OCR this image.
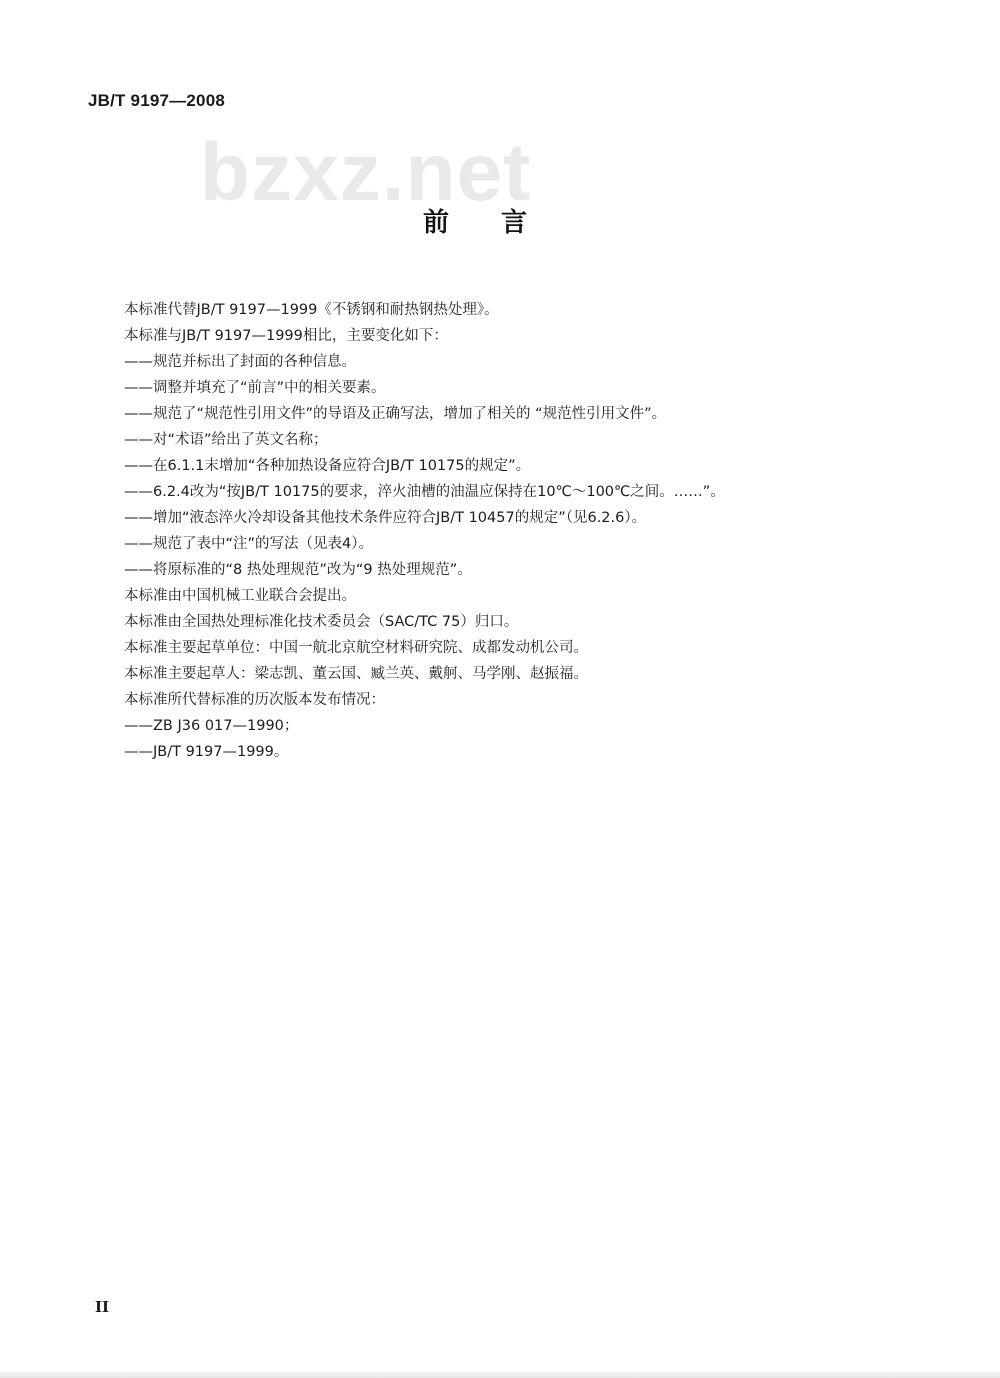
JB/T 9197—2008
bzxz.net
前言
本标准代替JB/T 9197—1999《不锈钢和耐热钢热处理》。
本标准与JB/T 9197—1999相比，主要变化如下：
——规范并标出了封面的各种信息。
——调整并填充了“前言”中的相关要素。
——规范了“规范性引用文件”的导语及正确写法，增加了相关的 “规范性引用文件”。
——对“术语”给出了英文名称；
——在6.1.1末增加“各种加热设备应符合JB/T 10175的规定”。
——6.2.4改为“按JB/T 10175的要求，淬火油槽的油温应保持在10℃～100℃之间。……”。
——增加“液态淬火冷却设备其他技术条件应符合JB/T 10457的规定”（见6.2.6）。
——规范了表中“注”的写法（见表4）。
——将原标准的“8 热处理规范”改为“9 热处理规范”。
本标准由中国机械工业联合会提出。
本标准由全国热处理标准化技术委员会（SAC/TC 75）归口。
本标准主要起草单位：中国一航北京航空材料研究院、成都发动机公司。
本标准主要起草人：梁志凯、董云国、臧兰英、戴舸、马学刚、赵振福。
本标准所代替标准的历次版本发布情况：
——ZB J36 017—1990；
——JB/T 9197—1999。
II
